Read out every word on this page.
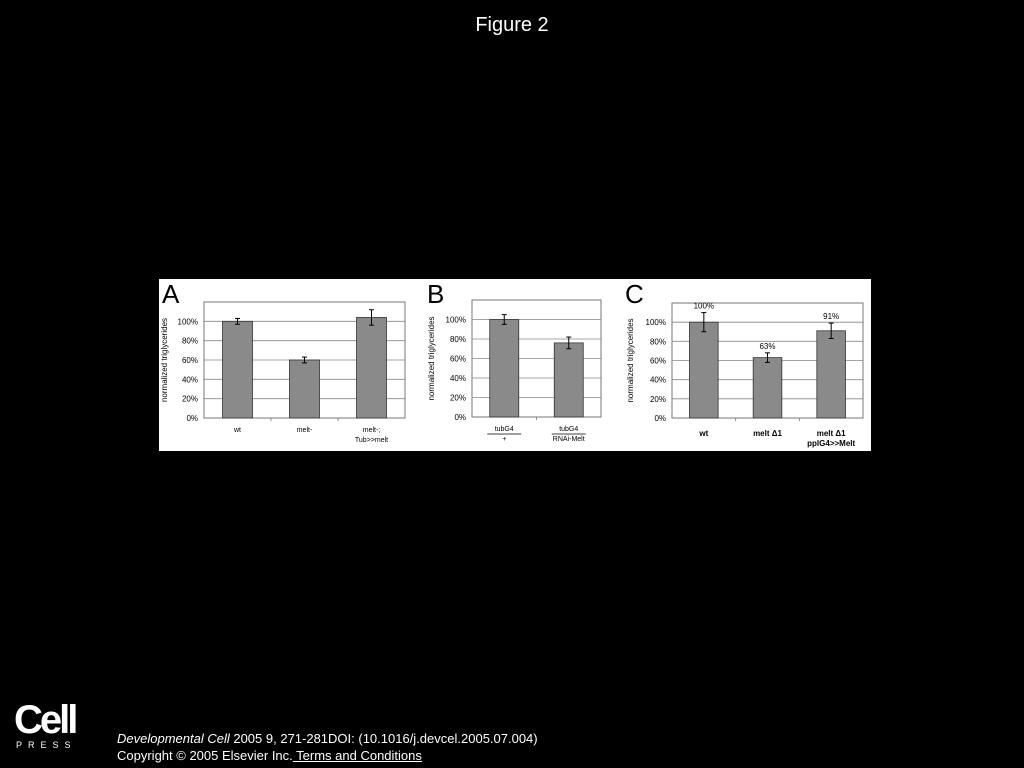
Figure 2
A
0%
20%
40%
60%
80%
100%
normalized triglycerides
wt	melt-	melt-;
Tub>>melt
B
0%
20%
40%
60%
80%
100%
normalized triglycerides
tubG4
+
tubG4
RNAi-Melt
C
0%
20%
40%
60%
80%
100%
normalized triglycerides
100%
wt
63%
melt Δ1
91%
melt Δ1
pplG4>>Melt
Cell
PRESS	Developmental Cell 2005 9, 271-281DOI: (10.1016/j.devcel.2005.07.004)
Copyright © 2005 Elsevier Inc. Terms and Conditions
